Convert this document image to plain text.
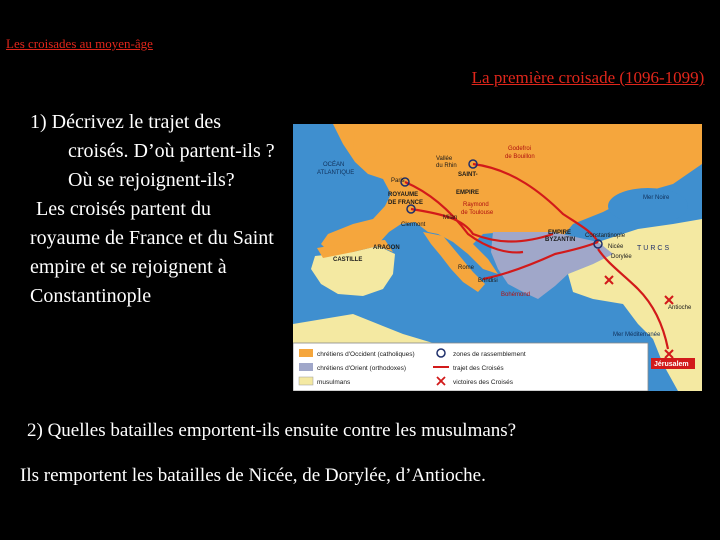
Les croisades au moyen-âge
La première croisade (1096-1099)
1) Décrivez le trajet des croisés. D’où partent-ils ? Où se rejoignent-ils?
Les croisés partent du royaume de France et du Saint empire et se rejoignent à Constantinople
2) Quelles batailles emportent-ils ensuite contre les musulmans?
Ils remportent les batailles de Nicée, de Dorylée, d’Antioche.
OCÉAN
ATLANTIQUE
Paris
ROYAUME
DE FRANCE
Clermont
Vallée
du Rhin
SAINT-
EMPIRE
Godefroi
de Bouillon
Raymond
de Toulouse
Milan
CASTILLE
ARAGON
Rome
Brindisi
Bohémond
EMPIRE
BYZANTIN
Constantinople
Nicée
Dorylée
TURCS
Antioche
Mer Noire
Mer Méditerranée
Jérusalem
chrétiens d'Occident (catholiques)
chrétiens d'Orient (orthodoxes)
musulmans
zones de rassemblement
trajet des Croisés
victoires des Croisés
